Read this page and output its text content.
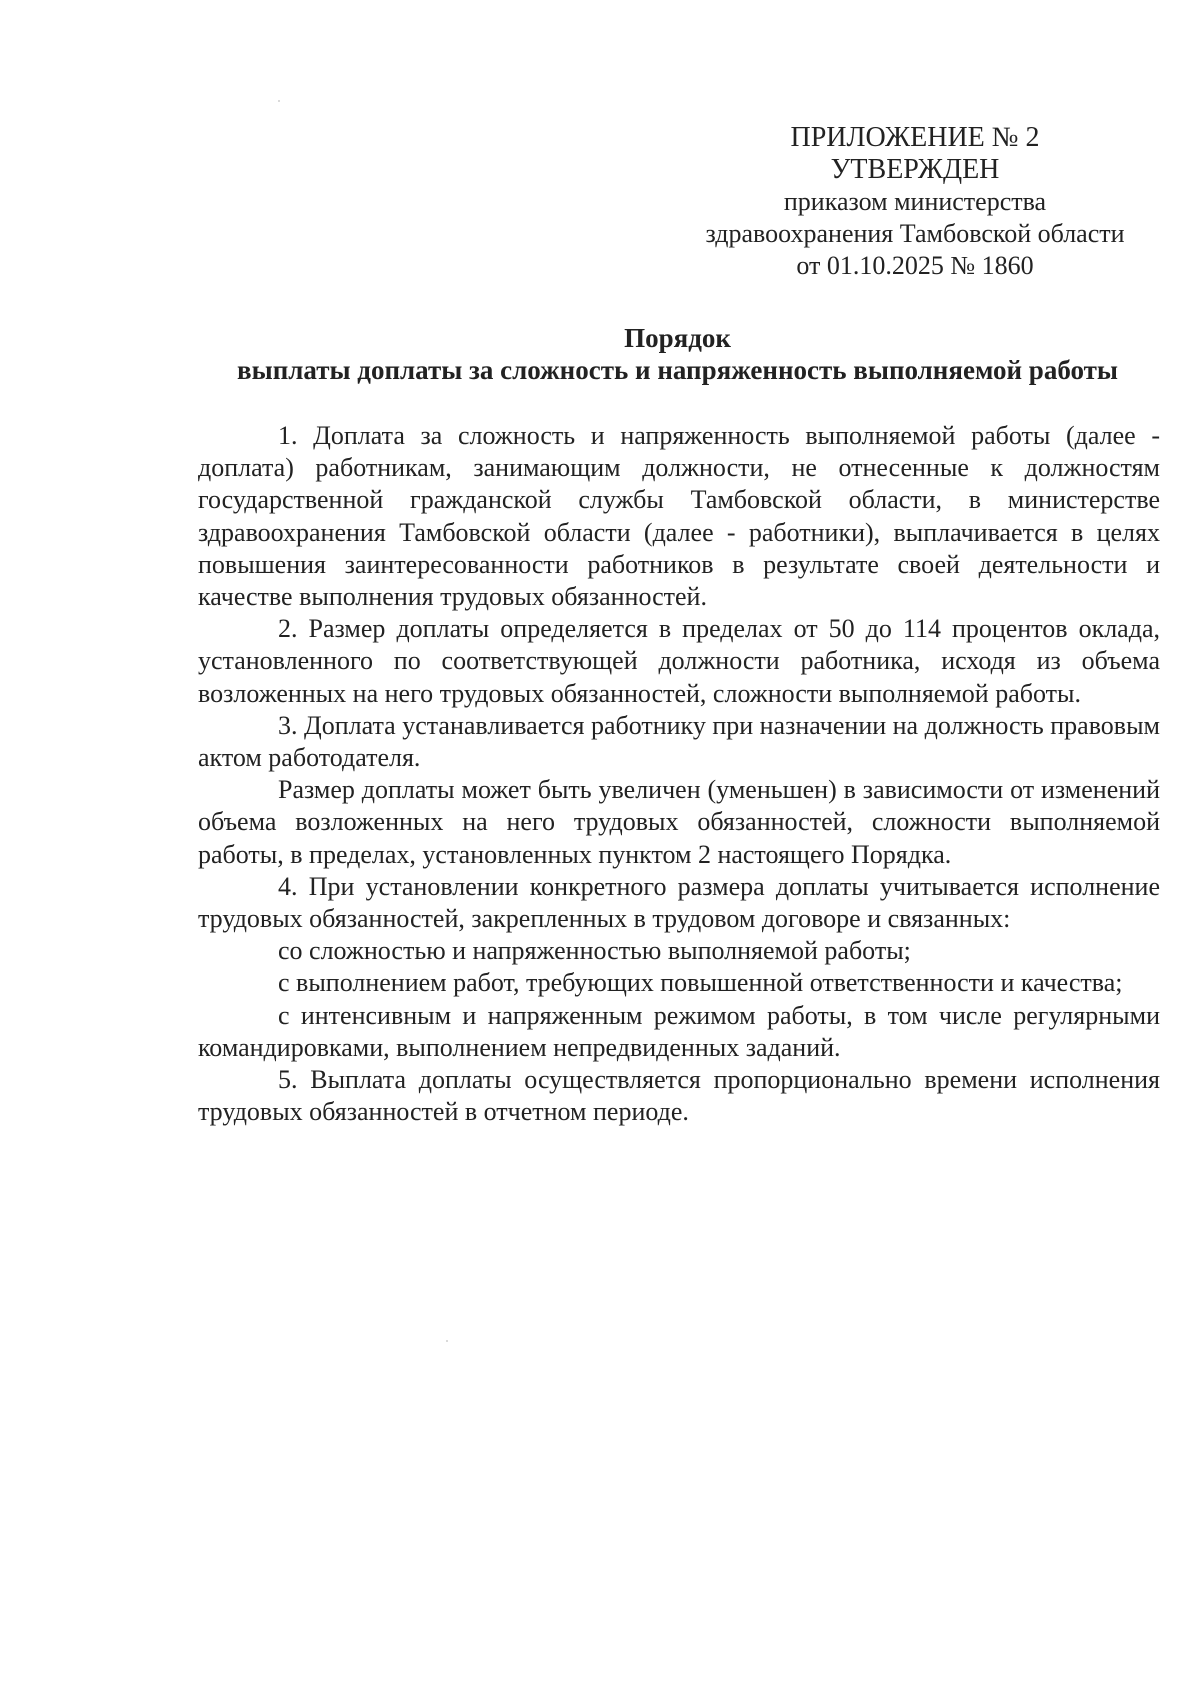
ПРИЛОЖЕНИЕ № 2
УТВЕРЖДЕН
приказом министерства
здравоохранения Тамбовской области
от 01.10.2025 № 1860
Порядок
выплаты доплаты за сложность и напряженность выполняемой работы

1. Доплата за сложность и напряженность выполняемой работы (далее - доплата) работникам, занимающим должности, не отнесенные к должностям государственной гражданской службы Тамбовской области, в министерстве здравоохранения Тамбовской области (далее - работники), выплачивается в целях повышения заинтересованности работников в результате своей деятельности и качестве выполнения трудовых обязанностей.

2. Размер доплаты определяется в пределах от 50 до 114 процентов оклада, установленного по соответствующей должности работника, исходя из объема возложенных на него трудовых обязанностей, сложности выполняемой работы.

3. Доплата устанавливается работнику при назначении на должность правовым актом работодателя.

Размер доплаты может быть увеличен (уменьшен) в зависимости от изменений объема возложенных на него трудовых обязанностей, сложности выполняемой работы, в пределах, установленных пунктом 2 настоящего Порядка.

4. При установлении конкретного размера доплаты учитывается исполнение трудовых обязанностей, закрепленных в трудовом договоре и связанных:

со сложностью и напряженностью выполняемой работы;

с выполнением работ, требующих повышенной ответственности и качества;

с интенсивным и напряженным режимом работы, в том числе регулярными командировками, выполнением непредвиденных заданий.

5. Выплата доплаты осуществляется пропорционально времени исполнения трудовых обязанностей в отчетном периоде.
